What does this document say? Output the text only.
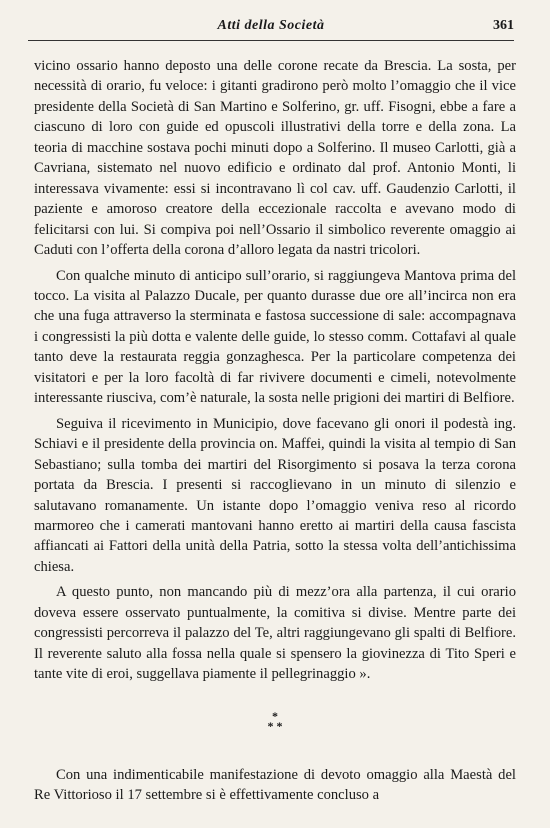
Atti della Società	361

vicino ossario hanno deposto una delle corone recate da Brescia. La sosta, per necessità di orario, fu veloce: i gitanti gradirono però molto l’omaggio che il vice presidente della Società di San Martino e Solferino, gr. uff. Fisogni, ebbe a fare a ciascuno di loro con guide ed opuscoli illustrativi della torre e della zona. La teoria di macchine sostava pochi minuti dopo a Solferino. Il museo Carlotti, già a Cavriana, sistemato nel nuovo edificio e ordinato dal prof. Antonio Monti, li interessava vivamente: essi si incontravano lì col cav. uff. Gaudenzio Carlotti, il paziente e amoroso creatore della eccezionale raccolta e avevano modo di felicitarsi con lui. Si compiva poi nell’Ossario il simbolico reverente omaggio ai Caduti con l’offerta della corona d’alloro legata da nastri tricolori.

Con qualche minuto di anticipo sull’orario, si raggiungeva Mantova prima del tocco. La visita al Palazzo Ducale, per quanto durasse due ore all’incirca non era che una fuga attraverso la sterminata e fastosa successione di sale: accompagnava i congressisti la più dotta e valente delle guide, lo stesso comm. Cottafavi al quale tanto deve la restaurata reggia gonzaghesca. Per la particolare competenza dei visitatori e per la loro facoltà di far rivivere documenti e cimeli, notevolmente interessante riusciva, com’è naturale, la sosta nelle prigioni dei martiri di Belfiore.

Seguiva il ricevimento in Municipio, dove facevano gli onori il podestà ing. Schiavi e il presidente della provincia on. Maffei, quindi la visita al tempio di San Sebastiano; sulla tomba dei martiri del Risorgimento si posava la terza corona portata da Brescia. I presenti si raccoglievano in un minuto di silenzio e salutavano romanamente. Un istante dopo l’omaggio veniva reso al ricordo marmoreo che i camerati mantovani hanno eretto ai martiri della causa fascista affiancati ai Fattori della unità della Patria, sotto la stessa volta dell’antichissima chiesa.

A questo punto, non mancando più di mezz’ora alla partenza, il cui orario doveva essere osservato puntualmente, la comitiva si divise. Mentre parte dei congressisti percorreva il palazzo del Te, altri raggiungevano gli spalti di Belfiore. Il reverente saluto alla fossa nella quale si spensero la giovinezza di Tito Speri e tante vite di eroi, suggellava piamente il pellegrinaggio ».

*
* *

Con una indimenticabile manifestazione di devoto omaggio alla Maestà del Re Vittorioso il 17 settembre si è effettivamente concluso a
